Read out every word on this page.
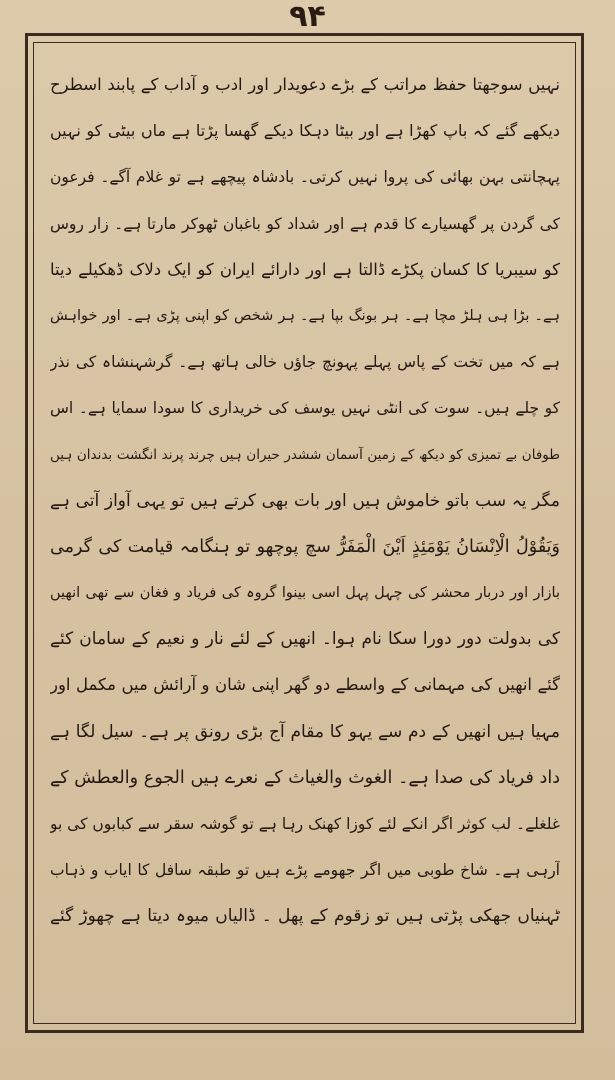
۹۴
نہیں سوجھتا حفظ مراتب کے بڑے دعویدار اور ادب و آداب کے پابند اسطرح
دیکھے گئے کہ باپ کھڑا ہے اور بیٹا دہکا دیکے گھسا پڑتا ہے ماں بیٹی کو نہیں
پہچانتی بہن بھائی کی پروا نہیں کرتی۔ بادشاہ پیچھے ہے تو غلام آگے۔ فرعون
کی گردن پر گھسیارے کا قدم ہے اور شداد کو باغبان ٹھوکر مارتا ہے۔ زار روس
کو سیبریا کا کسان پکڑے ڈالتا ہے اور دارائے ایران کو ایک دلاک ڈھکیلے دیتا
ہے۔ بڑا ہی ہلڑ مچا ہے۔ ہر بونگ بپا ہے۔ ہر شخص کو اپنی پڑی ہے۔ اور خواہش
ہے کہ میں تخت کے پاس پہلے پہونچ جاؤں خالی ہاتھ ہے۔ گرشہنشاہ کی نذر
کو چلے ہیں۔ سوت کی انٹی نہیں یوسف کی خریداری کا سودا سمایا ہے۔ اس
طوفان بے تمیزی کو دیکھ کے زمین آسمان ششدر حیران ہیں چرند پرند انگشت بدندان ہیں
مگر یہ سب باتو خاموش ہیں اور بات بھی کرتے ہیں تو یہی آواز آتی ہے
وَيَقُوْلُ الْاِنْسَانُ يَوْمَئِذٍ اَيْنَ الْمَفَرُّ سچ پوچھو تو ہنگامہ قیامت کی گرمی
بازار اور دربار محشر کی چہل پہل اسی بینوا گروہ کی فریاد و فغان سے تھی انھیں
کی بدولت دور دورا سکا نام ہوا۔ انھیں کے لئے نار و نعیم کے سامان کئے
گئے انھیں کی مہمانی کے واسطے دو گھر اپنی شان و آرائش میں مکمل اور
مہیا ہیں انھیں کے دم سے یہو کا مقام آج بڑی رونق پر ہے۔ سیل لگا ہے
داد فریاد کی صدا ہے۔ الغوث والغیاث کے نعرے ہیں الجوع والعطش کے
غلغلے۔ لب کوثر اگر انکے لئے کوزا کھنک رہا ہے تو گوشہ سقر سے کبابوں کی بو
آرہی ہے۔ شاخ طوبی میں اگر جھومے پڑے ہیں تو طبقہ سافل کا ایاب و ذہاب
ٹہنیاں جھکی پڑتی ہیں تو زقوم کے پھل ۔ ڈالیاں میوہ دیتا ہے چھوڑ گئے
